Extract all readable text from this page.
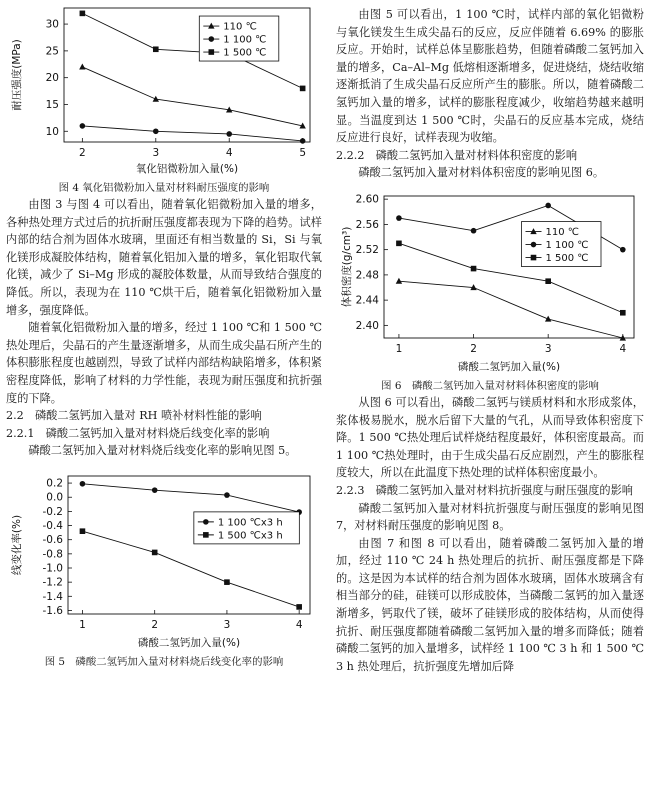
2	3	4	5
10
15
20
25
30
氧化铝微粉加入量(%)
耐压强度(MPa)
110 ℃
1 100 ℃
1 500 ℃

图 4 氧化铝微粉加入量对材料耐压强度的影响

由图 3 与图 4 可以看出，随着氧化铝微粉加入量的增多，各种热处理方式过后的抗折耐压强度都表现为下降的趋势。试样内部的结合剂为固体水玻璃，里面还有相当数量的 Si，Si 与氧化镁形成凝胶体结构，随着氧化铝加入量的增多，氧化铝取代氧化镁，减少了 Si–Mg 形成的凝胶体数量，从而导致结合强度的降低。所以，表现为在 110 ℃烘干后，随着氧化铝微粉加入量增多，强度降低。

随着氧化铝微粉加入量的增多，经过 1 100 ℃和 1 500 ℃热处理后，尖晶石的产生量逐渐增多，从而生成尖晶石所产生的体积膨胀程度也越剧烈，导致了试样内部结构缺陷增多，体积紧密程度降低，影响了材料的力学性能，表现为耐压强度和抗折强度的下降。

2.2　磷酸二氢钙加入量对 RH 喷补材料性能的影响

2.2.1　磷酸二氢钙加入量对材料烧后线变化率的影响

磷酸二氢钙加入量对材料烧后线变化率的影响见图 5。

1	2	3	4
0.2
0.0
-0.2
-0.4
-0.6
-0.8
-1.0
-1.2
-1.4
-1.6
磷酸二氢钙加入量(%)
线变化率(%)	1 100 ℃x3 h
1 500 ℃x3 h

图 5　磷酸二氢钙加入量对材料烧后线变化率的影响

由图 5 可以看出，1 100 ℃时，试样内部的氧化铝微粉与氧化镁发生生成尖晶石的反应，反应伴随着 6.69% 的膨胀反应。开始时，试样总体呈膨胀趋势，但随着磷酸二氢钙加入量的增多，Ca–Al–Mg 低熔相逐渐增多，促进烧结，烧结收缩逐渐抵消了生成尖晶石反应所产生的膨胀。所以，随着磷酸二氢钙加入量的增多，试样的膨胀程度减少，收缩趋势越来越明显。当温度到达 1 500 ℃时，尖晶石的反应基本完成，烧结反应进行良好，试样表现为收缩。

2.2.2　磷酸二氢钙加入量对材料体积密度的影响

磷酸二氢钙加入量对材料体积密度的影响见图 6。

1	2	3	4
2.40
2.44
2.48
2.52
2.56
2.60
磷酸二氢钙加入量(%)
体积密度(g/cm³)	110 ℃
1 100 ℃
1 500 ℃

图 6　磷酸二氢钙加入量对材料体积密度的影响

从图 6 可以看出，磷酸二氢钙与镁质材料和水形成浆体，浆体极易脱水，脱水后留下大量的气孔，从而导致体积密度下降。1 500 ℃热处理后试样烧结程度最好，体积密度最高。而 1 100 ℃热处理时，由于生成尖晶石反应剧烈，产生的膨胀程度较大，所以在此温度下热处理的试样体积密度最小。

2.2.3　磷酸二氢钙加入量对材料抗折强度与耐压强度的影响

磷酸二氢钙加入量对材料抗折强度与耐压强度的影响见图 7，对材料耐压强度的影响见图 8。

由图 7 和图 8 可以看出，随着磷酸二氢钙加入量的增加，经过 110 ℃ 24 h 热处理后的抗折、耐压强度都是下降的。这是因为本试样的结合剂为固体水玻璃，固体水玻璃含有相当部分的硅，硅镁可以形成胶体，当磷酸二氢钙的加入量逐渐增多，钙取代了镁，破坏了硅镁形成的胶体结构，从而使得抗折、耐压强度都随着磷酸二氢钙加入量的增多而降低；随着磷酸二氢钙的加入量增多，试样经 1 100 ℃ 3 h 和 1 500 ℃ 3 h 热处理后，抗折强度先增加后降
